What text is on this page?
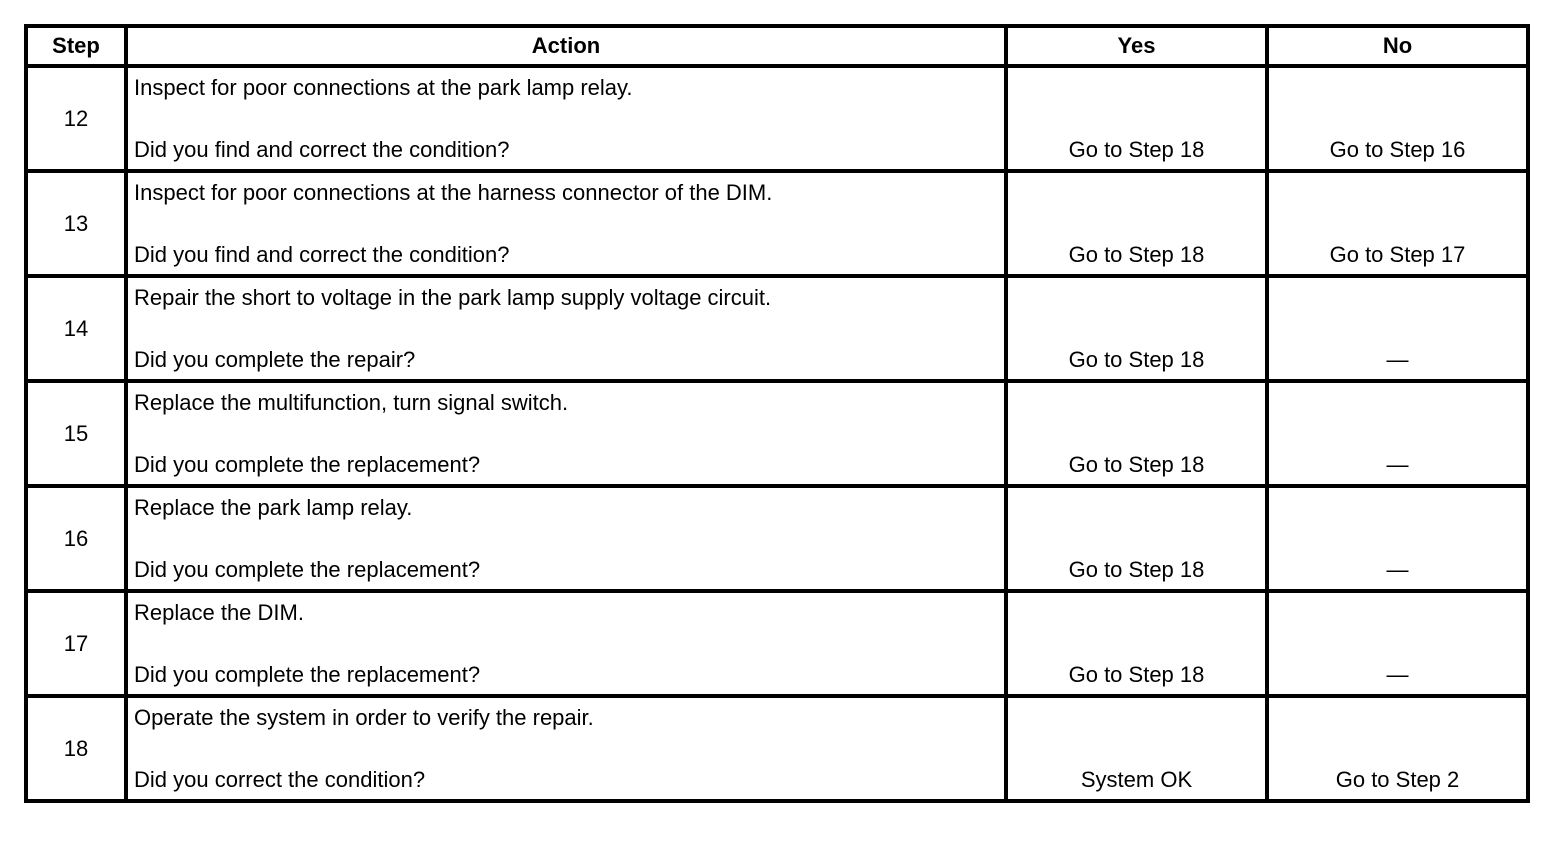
Step	Action	Yes	No
12	Inspect for poor connections at the park lamp relay.
Did you find and correct the condition?	Go to Step 18	Go to Step 16

13	Inspect for poor connections at the harness connector of the DIM.
Did you find and correct the condition?	Go to Step 18	Go to Step 17

14	Repair the short to voltage in the park lamp supply voltage circuit.
Did you complete the repair?	Go to Step 18	—

15	Replace the multifunction, turn signal switch.
Did you complete the replacement?	Go to Step 18	—

16	Replace the park lamp relay.
Did you complete the replacement?	Go to Step 18	—

17	Replace the DIM.
Did you complete the replacement?	Go to Step 18	—

18	Operate the system in order to verify the repair.
Did you correct the condition?	System OK	Go to Step 2
